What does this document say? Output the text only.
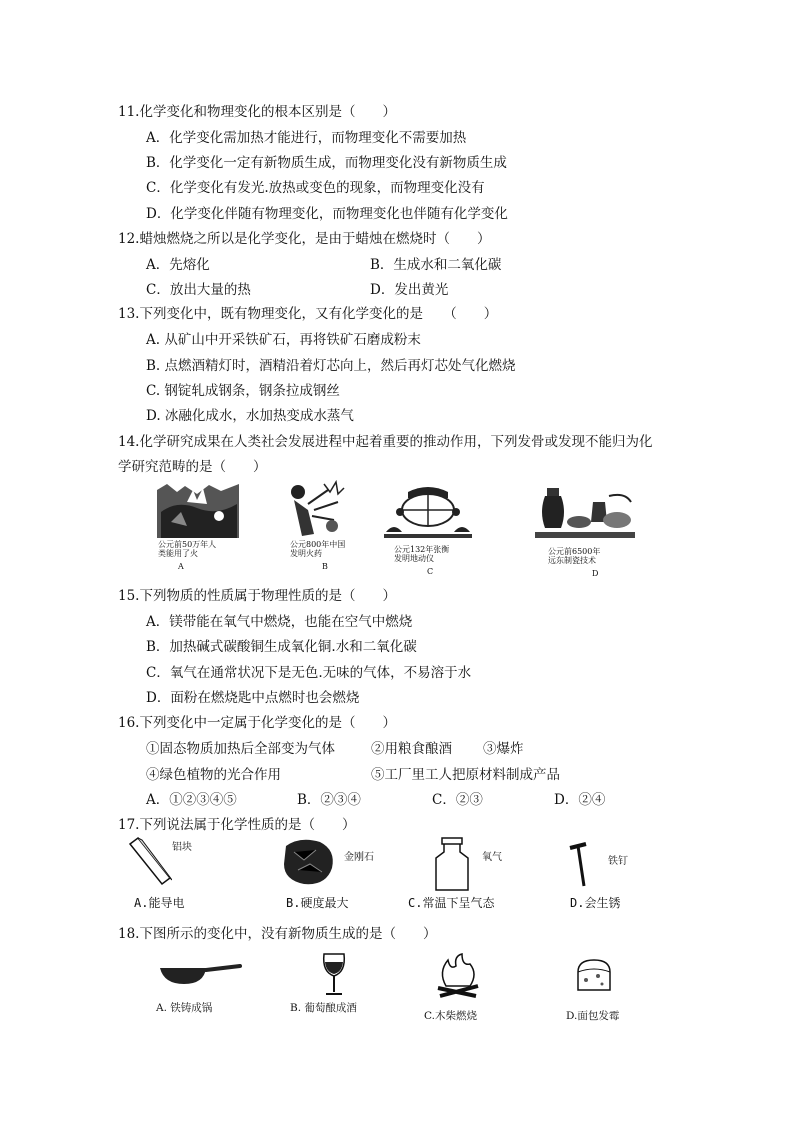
11.化学变化和物理变化的根本区别是（　　）
A．化学变化需加热才能进行，而物理变化不需要加热
B．化学变化一定有新物质生成，而物理变化没有新物质生成
C．化学变化有发光.放热或变色的现象，而物理变化没有
D．化学变化伴随有物理变化，而物理变化也伴随有化学变化
12.蜡烛燃烧之所以是化学变化，是由于蜡烛在燃烧时（　　）
A．先熔化	B．生成水和二氧化碳
C．放出大量的热	D．发出黄光
13.下列变化中，既有物理变化，又有化学变化的是　　（　　）
A. 从矿山中开采铁矿石，再将铁矿石磨成粉末
B. 点燃酒精灯时，酒精沿着灯芯向上，然后再灯芯处气化燃烧
C. 钢锭轧成钢条，钢条拉成钢丝
D. 冰融化成水，水加热变成水蒸气
14.化学研究成果在人类社会发展进程中起着重要的推动作用，下列发骨或发现不能归为化
学研究范畴的是（　　）
公元前50万年人
类能用了火
A
公元800年中国
发明火药
B
公元132年张衡
发明地动仪
C
公元前6500年
远东制瓷技术
D
15.下列物质的性质属于物理性质的是（　　）
A．镁带能在氧气中燃烧，也能在空气中燃烧
B．加热碱式碳酸铜生成氧化铜.水和二氧化碳
C．氧气在通常状况下是无色.无味的气体，不易溶于水
D．面粉在燃烧匙中点燃时也会燃烧
16.下列变化中一定属于化学变化的是（　　）
①固态物质加热后全部变为气体	②用粮食酿酒 ③爆炸
④绿色植物的光合作用	⑤工厂里工人把原材料制成产品
A．①②③④⑤	B．②③④	C．②③	D．②④
17.下列说法属于化学性质的是（　　）
铝块
金刚石	氧气	铁钉
A.能导电	B.硬度最大	C.常温下呈气态	D.会生锈
18.下图所示的变化中，没有新物质生成的是（　　）
A. 铁铸成锅	B. 葡萄酿成酒
C.木柴燃烧	D.面包发霉
